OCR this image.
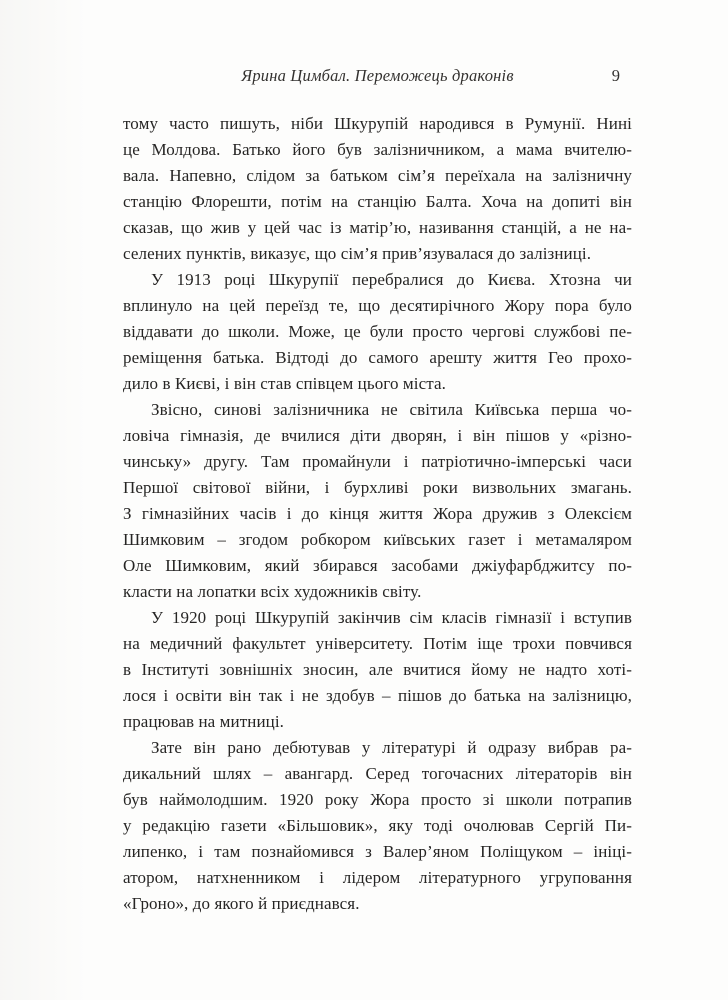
Ярина Цимбал. Переможець драконів	9
тому часто пишуть, ніби Шкурупій народився в Румунії. Нині
це Молдова. Батько його був залізничником, а мама вчителю-
вала. Напевно, слідом за батьком сім’я переїхала на залізничну
станцію Флорешти, потім на станцію Балта. Хоча на допиті він
сказав, що жив у цей час із матір’ю, називання станцій, а не на-
селених пунктів, виказує, що сім’я прив’язувалася до залізниці.
У 1913 році Шкурупії перебралися до Києва. Хтозна чи
вплинуло на цей переїзд те, що десятирічного Жору пора було
віддавати до школи. Може, це були просто чергові службові пе-
реміщення батька. Відтоді до самого арешту життя Гео прохо-
дило в Києві, і він став співцем цього міста.
Звісно, синові залізничника не світила Київська перша чо-
ловіча гімназія, де вчилися діти дворян, і він пішов у «різно-
чинську» другу. Там промайнули і патріотично-імперські часи
Першої світової війни, і бурхливі роки визвольних змагань.
З гімназійних часів і до кінця життя Жора дружив з Олексієм
Шимковим – згодом робкором київських газет і метамаляром
Оле Шимковим, який збирався засобами джіуфарбджитсу по-
класти на лопатки всіх художників світу.
У 1920 році Шкурупій закінчив сім класів гімназії і вступив
на медичний факультет університету. Потім іще трохи повчився
в Інституті зовнішніх зносин, але вчитися йому не надто хоті-
лося і освіти він так і не здобув – пішов до батька на залізницю,
працював на митниці.
Зате він рано дебютував у літературі й одразу вибрав ра-
дикальний шлях – авангард. Серед тогочасних літераторів він
був наймолодшим. 1920 року Жора просто зі школи потрапив
у редакцію газети «Більшовик», яку тоді очолював Сергій Пи-
липенко, і там познайомився з Валер’яном Поліщуком – ініці-
атором, натхненником і лідером літературного угруповання
«Гроно», до якого й приєднався.
